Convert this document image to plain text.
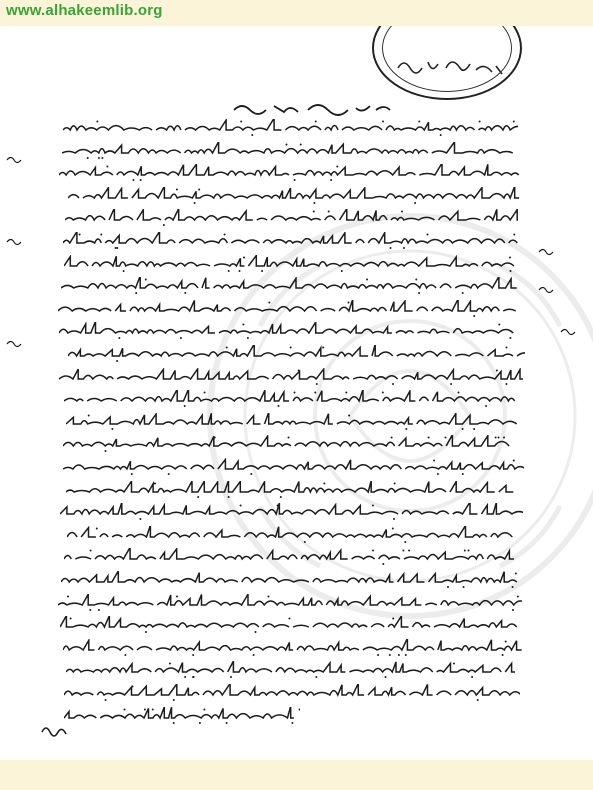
www.alhakeemlib.org
